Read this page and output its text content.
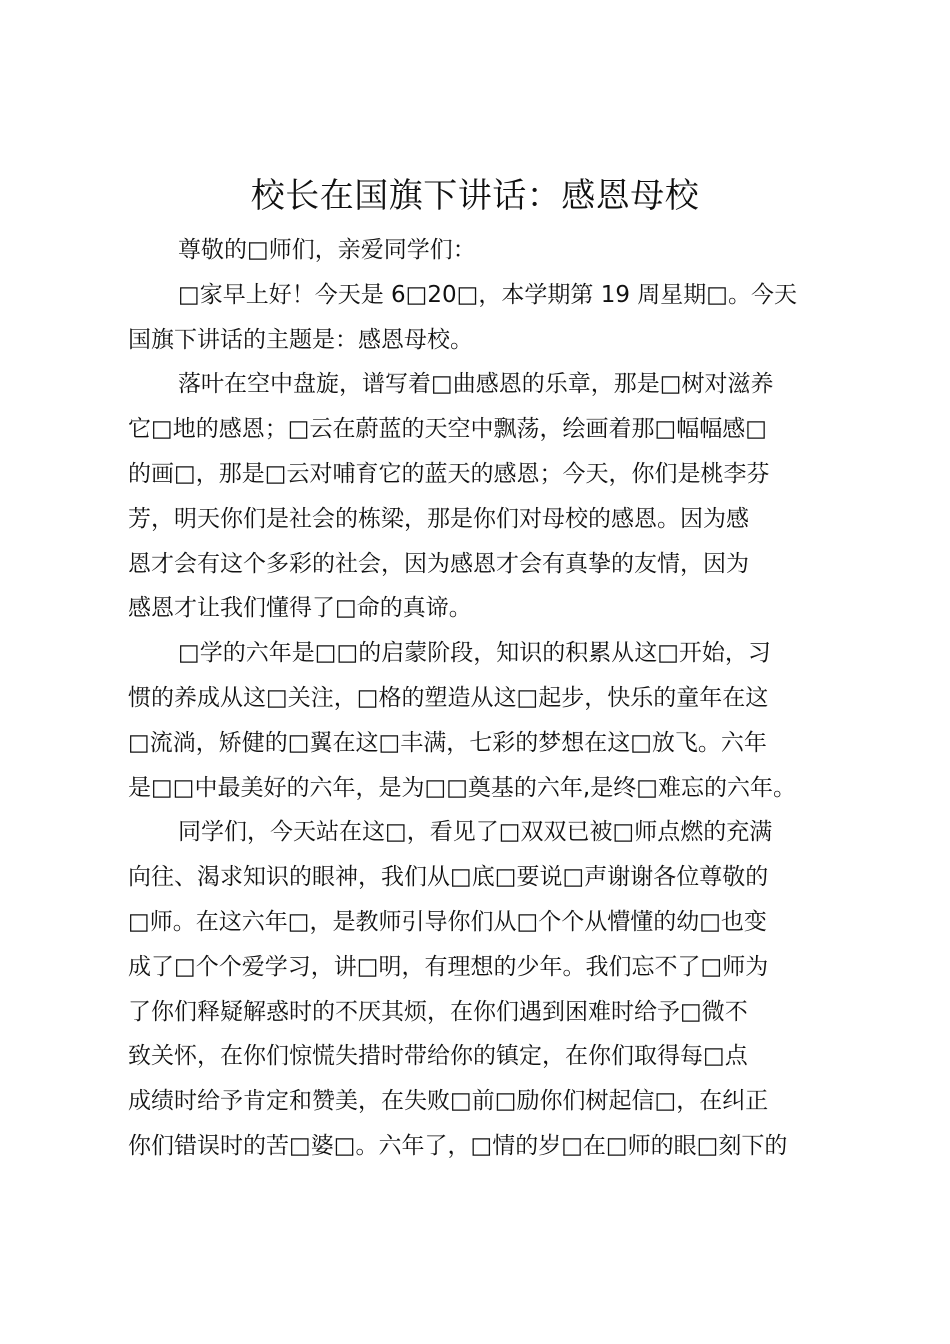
校长在国旗下讲话：感恩母校

尊敬的□师们，亲爱同学们：

□家早上好！今天是 6□20□，本学期第 19 周星期□。今天
国旗下讲话的主题是：感恩母校。

落叶在空中盘旋，谱写着□曲感恩的乐章，那是□树对滋养
它□地的感恩；□云在蔚蓝的天空中飘荡，绘画着那□幅幅感□
的画□，那是□云对哺育它的蓝天的感恩；今天，你们是桃李芬
芳，明天你们是社会的栋梁，那是你们对母校的感恩。因为感
恩才会有这个多彩的社会，因为感恩才会有真挚的友情，因为
感恩才让我们懂得了□命的真谛。

□学的六年是□□的启蒙阶段，知识的积累从这□开始，习
惯的养成从这□关注，□格的塑造从这□起步，快乐的童年在这
□流淌，矫健的□翼在这□丰满，七彩的梦想在这□放飞。六年
是□□中最美好的六年，是为□□奠基的六年,是终□难忘的六年。

同学们，今天站在这□，看见了□双双已被□师点燃的充满
向往、渴求知识的眼神，我们从□底□要说□声谢谢各位尊敬的
□师。在这六年□，是教师引导你们从□个个从懵懂的幼□也变
成了□个个爱学习，讲□明，有理想的少年。我们忘不了□师为
了你们释疑解惑时的不厌其烦，在你们遇到困难时给予□微不
致关怀，在你们惊慌失措时带给你的镇定，在你们取得每□点
成绩时给予肯定和赞美，在失败□前□励你们树起信□，在纠正
你们错误时的苦□婆□。六年了，□情的岁□在□师的眼□刻下的
